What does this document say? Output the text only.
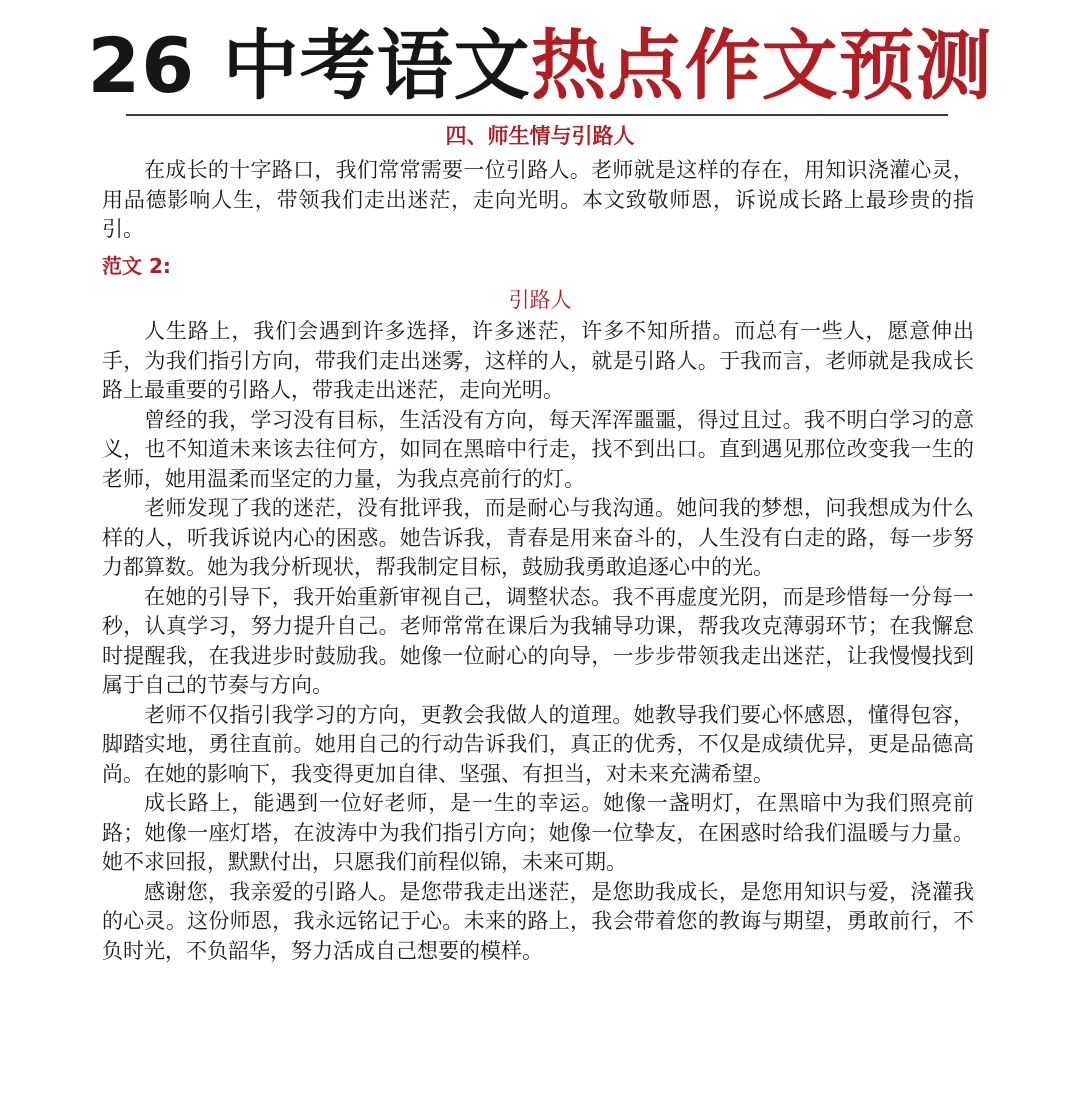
26 中考语文热点作文预测
四、师生情与引路人

在成长的十字路口，我们常常需要一位引路人。老师就是这样的存在，用知识浇灌心灵，用品德影响人生，带领我们走出迷茫，走向光明。本文致敬师恩，诉说成长路上最珍贵的指引。

范文 2:
引路人

人生路上，我们会遇到许多选择，许多迷茫，许多不知所措。而总有一些人，愿意伸出手，为我们指引方向，带我们走出迷雾，这样的人，就是引路人。于我而言，老师就是我成长路上最重要的引路人，带我走出迷茫，走向光明。

曾经的我，学习没有目标，生活没有方向，每天浑浑噩噩，得过且过。我不明白学习的意义，也不知道未来该去往何方，如同在黑暗中行走，找不到出口。直到遇见那位改变我一生的老师，她用温柔而坚定的力量，为我点亮前行的灯。

老师发现了我的迷茫，没有批评我，而是耐心与我沟通。她问我的梦想，问我想成为什么样的人，听我诉说内心的困惑。她告诉我，青春是用来奋斗的，人生没有白走的路，每一步努力都算数。她为我分析现状，帮我制定目标，鼓励我勇敢追逐心中的光。

在她的引导下，我开始重新审视自己，调整状态。我不再虚度光阴，而是珍惜每一分每一秒，认真学习，努力提升自己。老师常常在课后为我辅导功课，帮我攻克薄弱环节；在我懈怠时提醒我，在我进步时鼓励我。她像一位耐心的向导，一步步带领我走出迷茫，让我慢慢找到属于自己的节奏与方向。

老师不仅指引我学习的方向，更教会我做人的道理。她教导我们要心怀感恩，懂得包容，脚踏实地，勇往直前。她用自己的行动告诉我们，真正的优秀，不仅是成绩优异，更是品德高尚。在她的影响下，我变得更加自律、坚强、有担当，对未来充满希望。

成长路上，能遇到一位好老师，是一生的幸运。她像一盏明灯，在黑暗中为我们照亮前路；她像一座灯塔，在波涛中为我们指引方向；她像一位挚友，在困惑时给我们温暖与力量。她不求回报，默默付出，只愿我们前程似锦，未来可期。

感谢您，我亲爱的引路人。是您带我走出迷茫，是您助我成长，是您用知识与爱，浇灌我的心灵。这份师恩，我永远铭记于心。未来的路上，我会带着您的教诲与期望，勇敢前行，不负时光，不负韶华，努力活成自己想要的模样。
